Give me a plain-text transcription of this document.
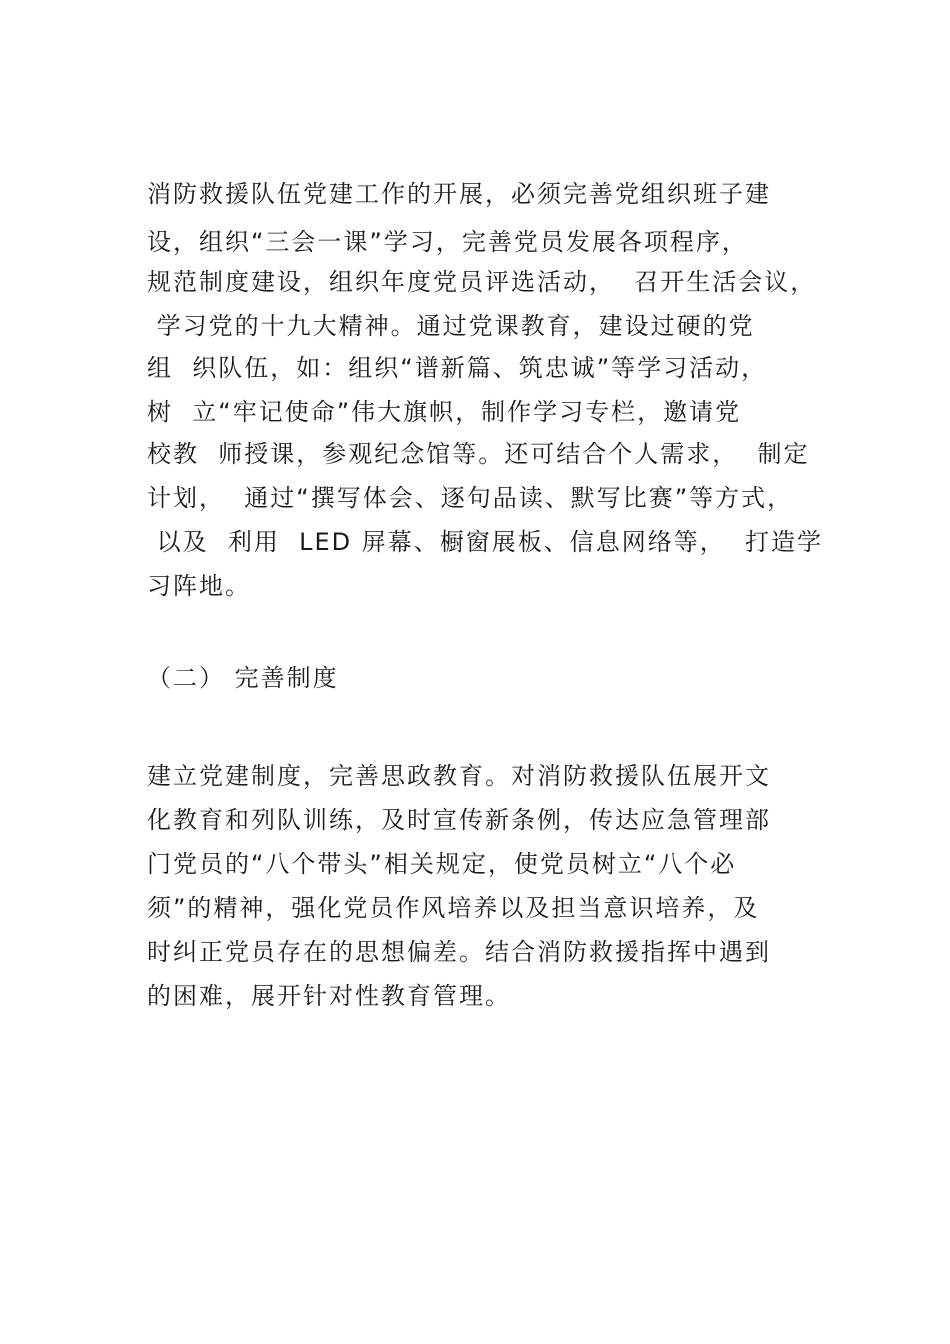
消防救援队伍党建工作的开展，必须完善党组织班子建
设，组织“三会一课”学习，完善党员发展各项程序，
规范制度建设，组织年度党员评选活动，  召开生活会议，
学习党的十九大精神。通过党课教育，建设过硬的党
组  织队伍，如：组织“谱新篇、筑忠诚”等学习活动，
树  立“牢记使命”伟大旗帜，制作学习专栏，邀请党
校教  师授课，参观纪念馆等。还可结合个人需求，  制定
计划，  通过“撰写体会、逐句品读、默写比赛”等方式，
以及  利用  LED 屏幕、橱窗展板、信息网络等，  打造学
习阵地。
（二） 完善制度
建立党建制度，完善思政教育。对消防救援队伍展开文
化教育和列队训练，及时宣传新条例，传达应急管理部
门党员的“八个带头”相关规定，使党员树立“八个必
须”的精神，强化党员作风培养以及担当意识培养，及
时纠正党员存在的思想偏差。结合消防救援指挥中遇到
的困难，展开针对性教育管理。
